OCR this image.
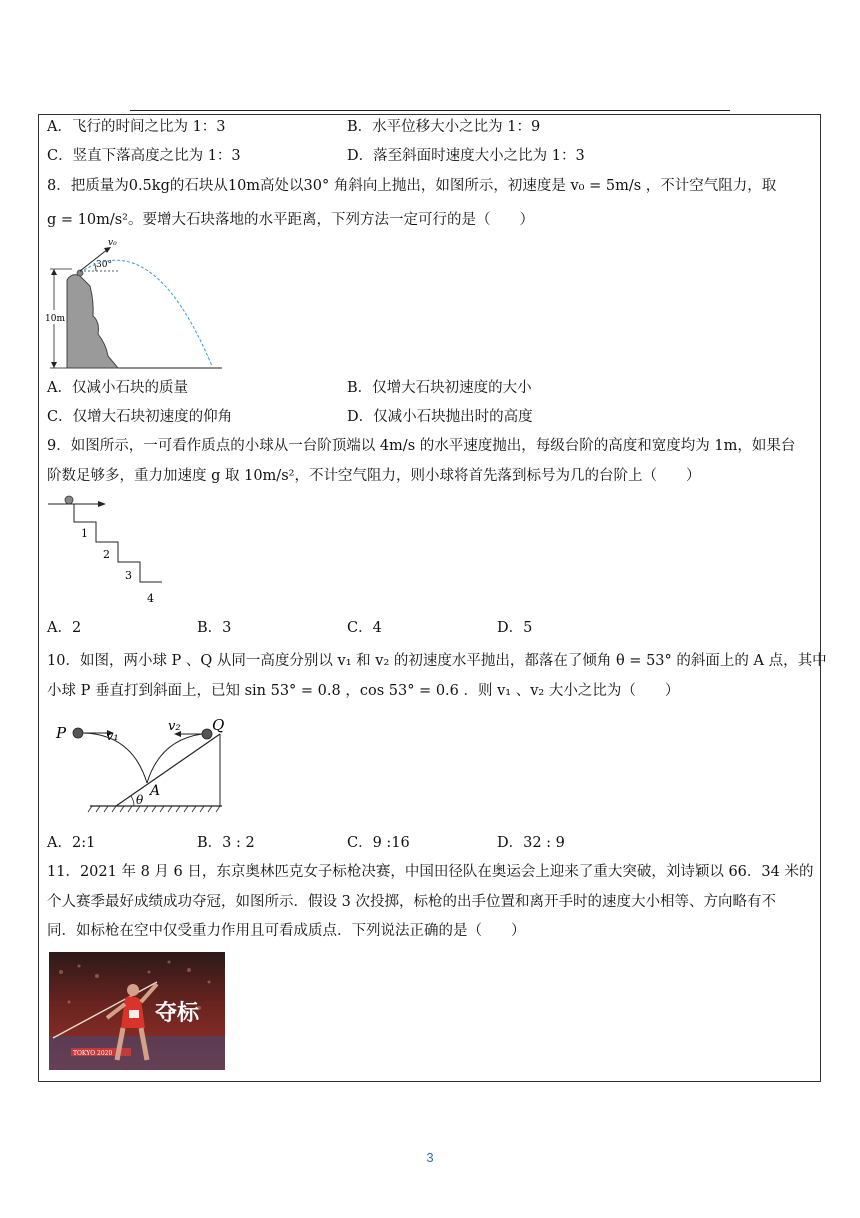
A．飞行的时间之比为 1：3	B．水平位移大小之比为 1：9
C．竖直下落高度之比为 1：3	D．落至斜面时速度大小之比为 1：3
8．把质量为0.5kg的石块从10m高处以30° 角斜向上抛出，如图所示，初速度是 v₀ = 5m/s ，不计空气阻力，取
g = 10m/s²。要增大石块落地的水平距离，下列方法一定可行的是（　　）
10m
v₀
30°
A．仅减小石块的质量	B．仅增大石块初速度的大小
C．仅增大石块初速度的仰角	D．仅减小石块抛出时的高度
9．如图所示，一可看作质点的小球从一台阶顶端以 4m/s 的水平速度抛出，每级台阶的高度和宽度均为 1m，如果台
阶数足够多，重力加速度 g 取 10m/s²，不计空气阻力，则小球将首先落到标号为几的台阶上（　　）
1
2
3
4
A．2	B．3	C．4	D．5
10．如图，两小球 P 、Q 从同一高度分别以 v₁ 和 v₂ 的初速度水平抛出，都落在了倾角 θ = 53° 的斜面上的 A 点，其中
小球 P 垂直打到斜面上，已知 sin 53° = 0.8 ，cos 53° = 0.6 ．则 v₁ 、v₂ 大小之比为（　　）
θ
P	v₁
Q
v₂
A
A．2:1	B．3 : 2	C．9 :16	D．32 : 9
11．2021 年 8 月 6 日，东京奥林匹克女子标枪决赛，中国田径队在奥运会上迎来了重大突破，刘诗颖以 66．34 米的
个人赛季最好成绩成功夺冠，如图所示．假设 3 次投掷，标枪的出手位置和离开手时的速度大小相等、方向略有不
同．如标枪在空中仅受重力作用且可看成质点．下列说法正确的是（　　）
TOKYO 2020
夺标
3
